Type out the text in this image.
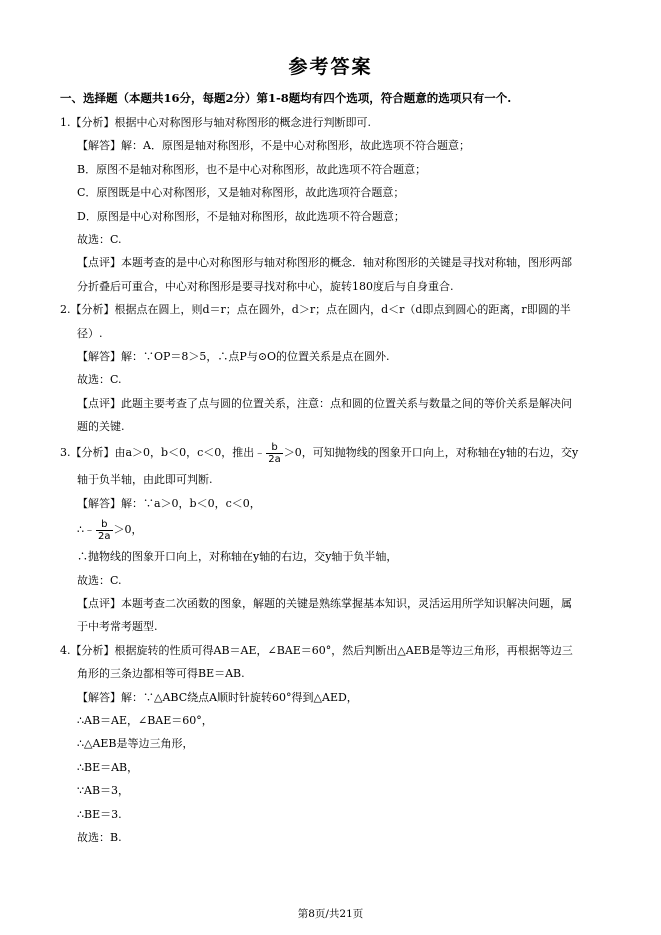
参考答案
一、选择题（本题共16分，每题2分）第1-8题均有四个选项，符合题意的选项只有一个.
1.【分析】根据中心对称图形与轴对称图形的概念进行判断即可.
【解答】解：A．原图是轴对称图形，不是中心对称图形，故此选项不符合题意；
B．原图不是轴对称图形，也不是中心对称图形，故此选项不符合题意；
C．原图既是中心对称图形，又是轴对称图形，故此选项符合题意；
D．原图是中心对称图形，不是轴对称图形，故此选项不符合题意；
故选：C.
【点评】本题考查的是中心对称图形与轴对称图形的概念．轴对称图形的关键是寻找对称轴，图形两部
分折叠后可重合，中心对称图形是要寻找对称中心，旋转180度后与自身重合.
2.【分析】根据点在圆上，则d＝r；点在圆外，d＞r；点在圆内，d＜r（d即点到圆心的距离，r即圆的半
径）.
【解答】解：∵OP＝8＞5，∴点P与⊙O的位置关系是点在圆外.
故选：C.
【点评】此题主要考查了点与圆的位置关系，注意：点和圆的位置关系与数量之间的等价关系是解决问
题的关键.
3.【分析】由a＞0，b＜0，c＜0，推出﹣ $\frac{b}{2a} >0$，可知抛物线的图象开口向上，对称轴在y轴的右边，交y
轴于负半轴，由此即可判断.
【解答】解：∵a＞0，b＜0，c＜0，
∴﹣ $\frac{b}{2a} >0$，
∴抛物线的图象开口向上，对称轴在y轴的右边，交y轴于负半轴，
故选：C.
【点评】本题考查二次函数的图象，解题的关键是熟练掌握基本知识，灵活运用所学知识解决问题，属
于中考常考题型.
4.【分析】根据旋转的性质可得AB＝AE，∠BAE＝60°，然后判断出△AEB是等边三角形，再根据等边三
角形的三条边都相等可得BE＝AB.
【解答】解：∵△ABC绕点A顺时针旋转60°得到△AED，
∴AB＝AE，∠BAE＝60°，
∴△AEB是等边三角形，
∴BE＝AB，
∵AB＝3，
∴BE＝3.
故选：B.
第8页/共21页
